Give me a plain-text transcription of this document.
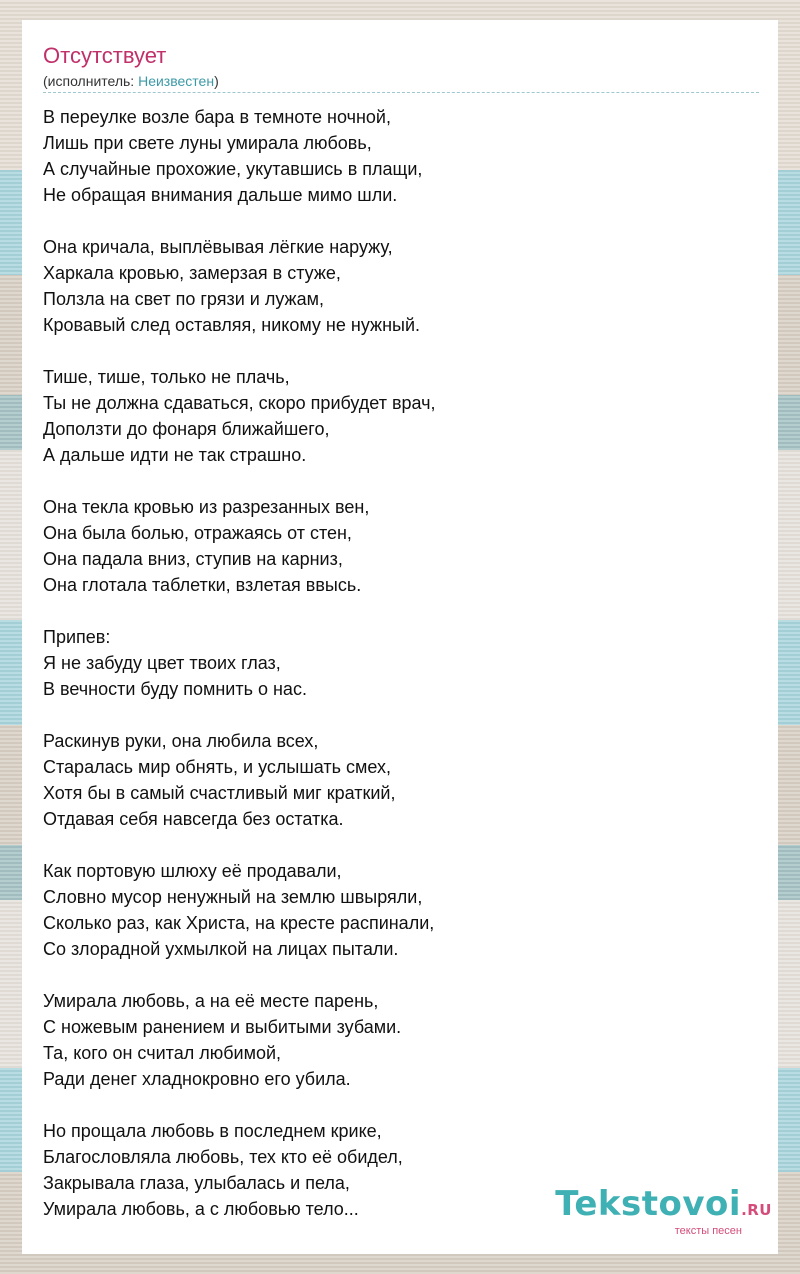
Отсутствует
(исполнитель: Неизвестен)
В переулке возле бара в темноте ночной,
Лишь при свете луны умирала любовь,
А случайные прохожие, укутавшись в плащи,
Не обращая внимания дальше мимо шли.
Она кричала, выплёвывая лёгкие наружу,
Харкала кровью, замерзая в стуже,
Ползла на свет по грязи и лужам,
Кровавый след оставляя, никому не нужный.
Тише, тише, только не плачь,
Ты не должна сдаваться, скоро прибудет врач,
Доползти до фонаря ближайшего,
А дальше идти не так страшно.
Она текла кровью из разрезанных вен,
Она была болью, отражаясь от стен,
Она падала вниз, ступив на карниз,
Она глотала таблетки, взлетая ввысь.
Припев:
Я не забуду цвет твоих глаз,
В вечности буду помнить о нас.
Раскинув руки, она любила всех,
Старалась мир обнять, и услышать смех,
Хотя бы в самый счастливый миг краткий,
Отдавая себя навсегда без остатка.
Как портовую шлюху её продавали,
Словно мусор ненужный на землю швыряли,
Сколько раз, как Христа, на кресте распинали,
Со злорадной ухмылкой на лицах пытали.
Умирала любовь, а на её месте парень,
С ножевым ранением и выбитыми зубами.
Та, кого он считал любимой,
Ради денег хладнокровно его убила.
Но прощала любовь в последнем крике,
Благословляла любовь, тех кто её обидел,
Закрывала глаза, улыбалась и пела,
Умирала любовь, а с любовью тело...	Tekstovoi.RU
тексты песен
